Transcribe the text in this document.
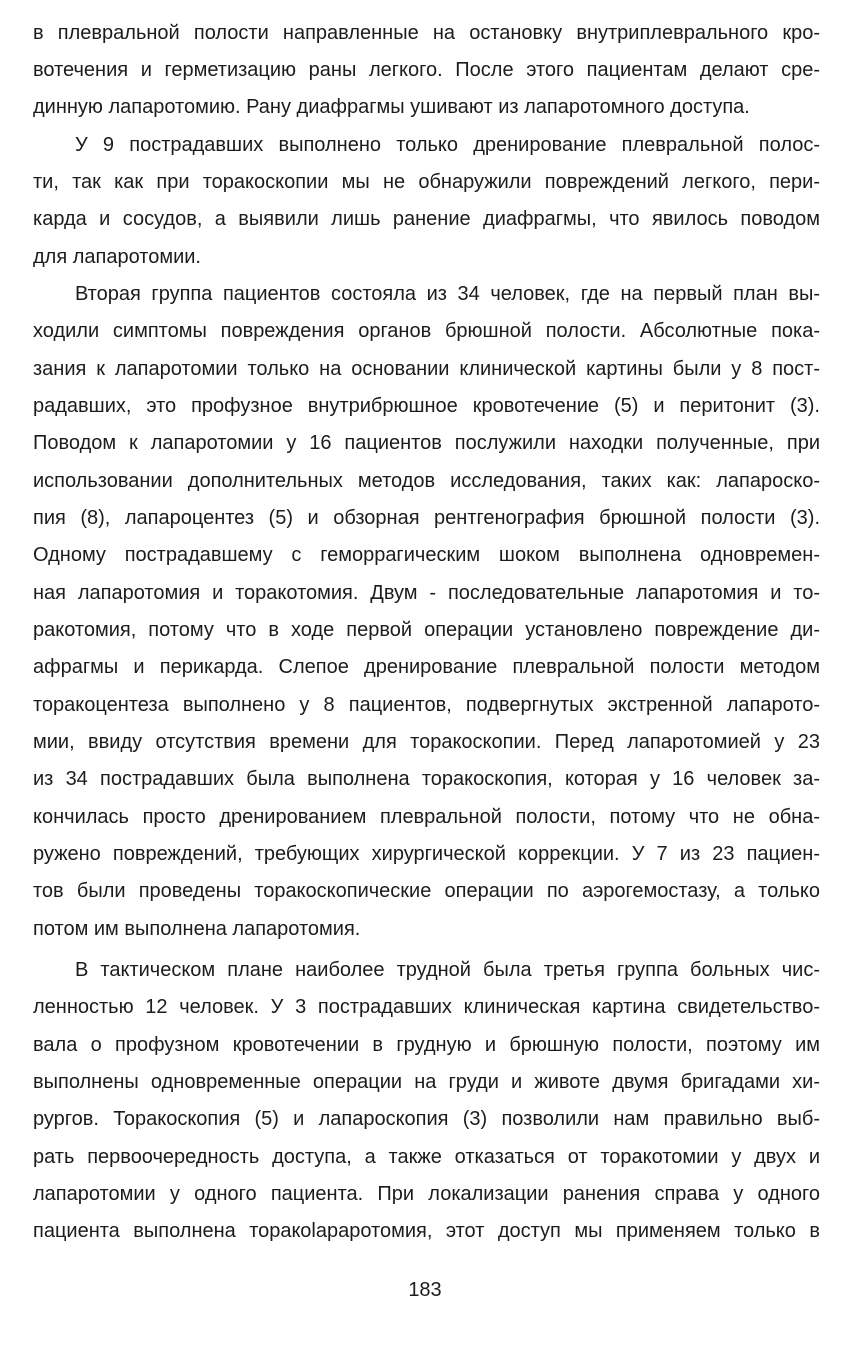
в плевральной полости направленные на остановку внутриплеврального кро-
вотечения и герметизацию раны легкого. После этого пациентам делают сре-
динную лапаротомию. Рану диафрагмы ушивают из лапаротомного доступа.
У 9 пострадавших выполнено только дренирование плевральной полос-
ти, так как при торакоскопии мы не обнаружили повреждений легкого, пери-
карда и сосудов, а выявили лишь ранение диафрагмы, что явилось поводом
для лапаротомии.
Вторая группа пациентов состояла из 34 человек, где на первый план вы-
ходили симптомы повреждения органов брюшной полости. Абсолютные пока-
зания к лапаротомии только на основании клинической картины были у 8 пост-
радавших, это профузное внутрибрюшное кровотечение (5) и перитонит (3).
Поводом к лапаротомии у 16 пациентов послужили находки полученные, при
использовании дополнительных методов исследования, таких как: лапароско-
пия (8), лапароцентез (5) и обзорная рентгенография брюшной полости (3).
Одному пострадавшему с геморрагическим шоком выполнена одновремен-
ная лапаротомия и торакотомия. Двум - последовательные лапаротомия и то-
ракотомия, потому что в ходе первой операции установлено повреждение ди-
афрагмы и перикарда. Слепое дренирование плевральной полости методом
торакоцентеза выполнено у 8 пациентов, подвергнутых экстренной лапарото-
мии, ввиду отсутствия времени для торакоскопии. Перед лапаротомией у 23
из 34 пострадавших была выполнена торакоскопия, которая у 16 человек за-
кончилась просто дренированием плевральной полости, потому что не обна-
ружено повреждений, требующих хирургической коррекции. У 7 из 23 пациен-
тов были проведены торакоскопические операции по аэрогемостазу, а только
потом им выполнена лапаротомия.
В тактическом плане наиболее трудной была третья группа больных чис-
ленностью 12 человек. У 3 пострадавших клиническая картина свидетельство-
вала о профузном кровотечении в грудную и брюшную полости, поэтому им
выполнены одновременные операции на груди и животе двумя бригадами хи-
рургов. Торакоскопия (5) и лапароскопия (3) позволили нам правильно выб-
рать первоочередность доступа, а также отказаться от торакотомии у двух и
лапаротомии у одного пациента. При локализации ранения справа у одного
пациента выполнена торакolapаротомия, этот доступ мы применяем только в
183
